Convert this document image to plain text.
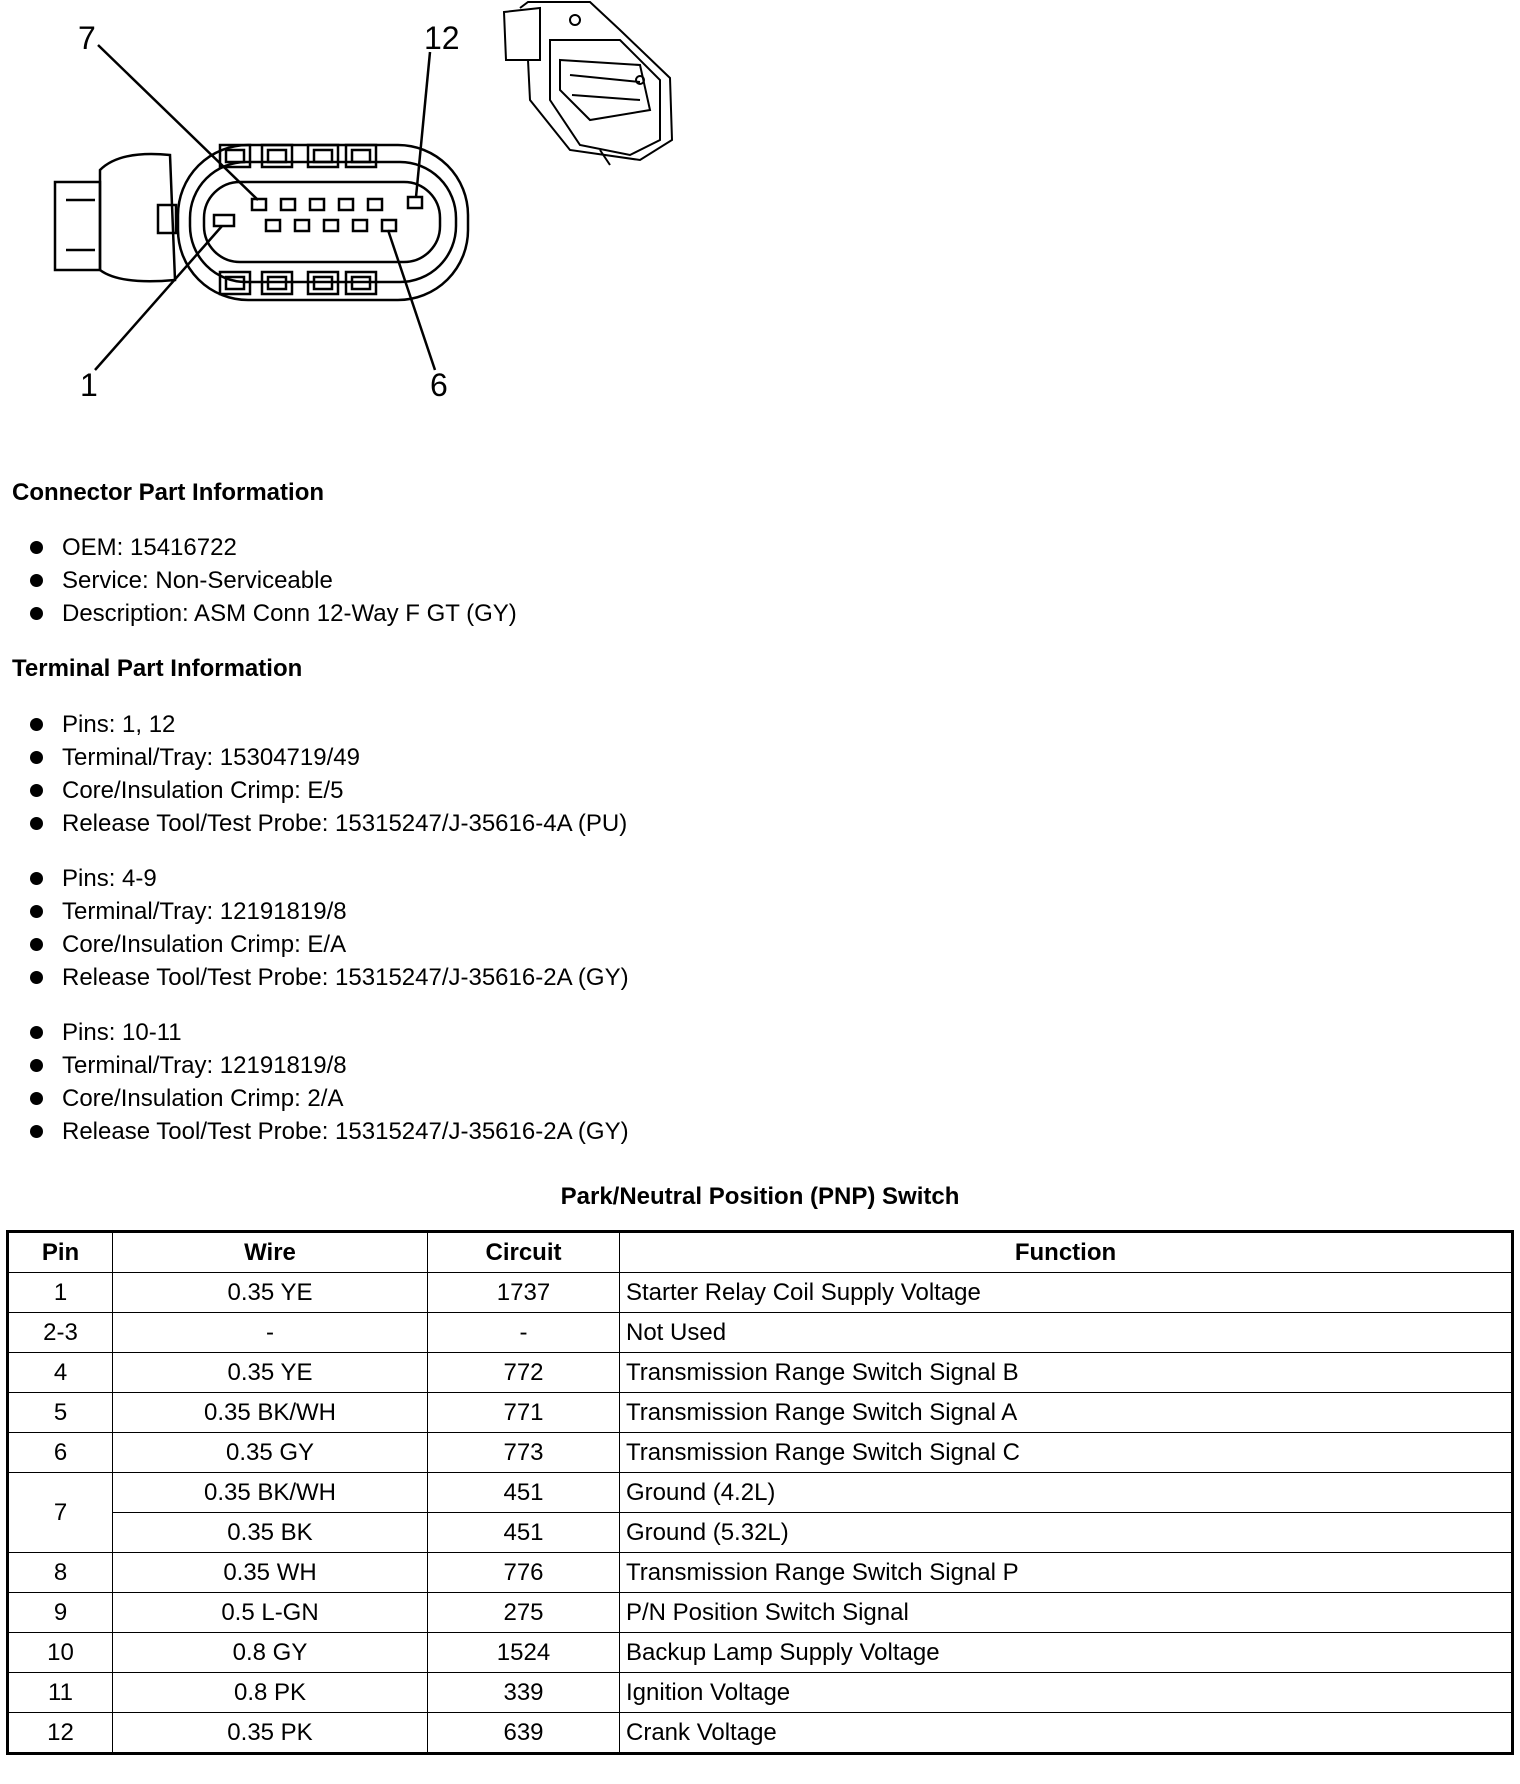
7	12
1	6
Connector Part Information
OEM: 15416722
Service: Non-Serviceable
Description: ASM Conn 12-Way F GT (GY)
Terminal Part Information
Pins: 1, 12
Terminal/Tray: 15304719/49
Core/Insulation Crimp: E/5
Release Tool/Test Probe: 15315247/J-35616-4A (PU)
Pins: 4-9
Terminal/Tray: 12191819/8
Core/Insulation Crimp: E/A
Release Tool/Test Probe: 15315247/J-35616-2A (GY)
Pins: 10-11
Terminal/Tray: 12191819/8
Core/Insulation Crimp: 2/A
Release Tool/Test Probe: 15315247/J-35616-2A (GY)
Park/Neutral Position (PNP) Switch
Pin	Wire	Circuit	Function
1	0.35 YE	1737	Starter Relay Coil Supply Voltage
2-3	-	-	Not Used
4	0.35 YE	772	Transmission Range Switch Signal B
5	0.35 BK/WH	771	Transmission Range Switch Signal A
6	0.35 GY	773	Transmission Range Switch Signal C
7	0.35 BK/WH	451	Ground (4.2L)
	0.35 BK	451	Ground (5.32L)
8	0.35 WH	776	Transmission Range Switch Signal P
9	0.5 L-GN	275	P/N Position Switch Signal
10	0.8 GY	1524	Backup Lamp Supply Voltage
11	0.8 PK	339	Ignition Voltage
12	0.35 PK	639	Crank Voltage
